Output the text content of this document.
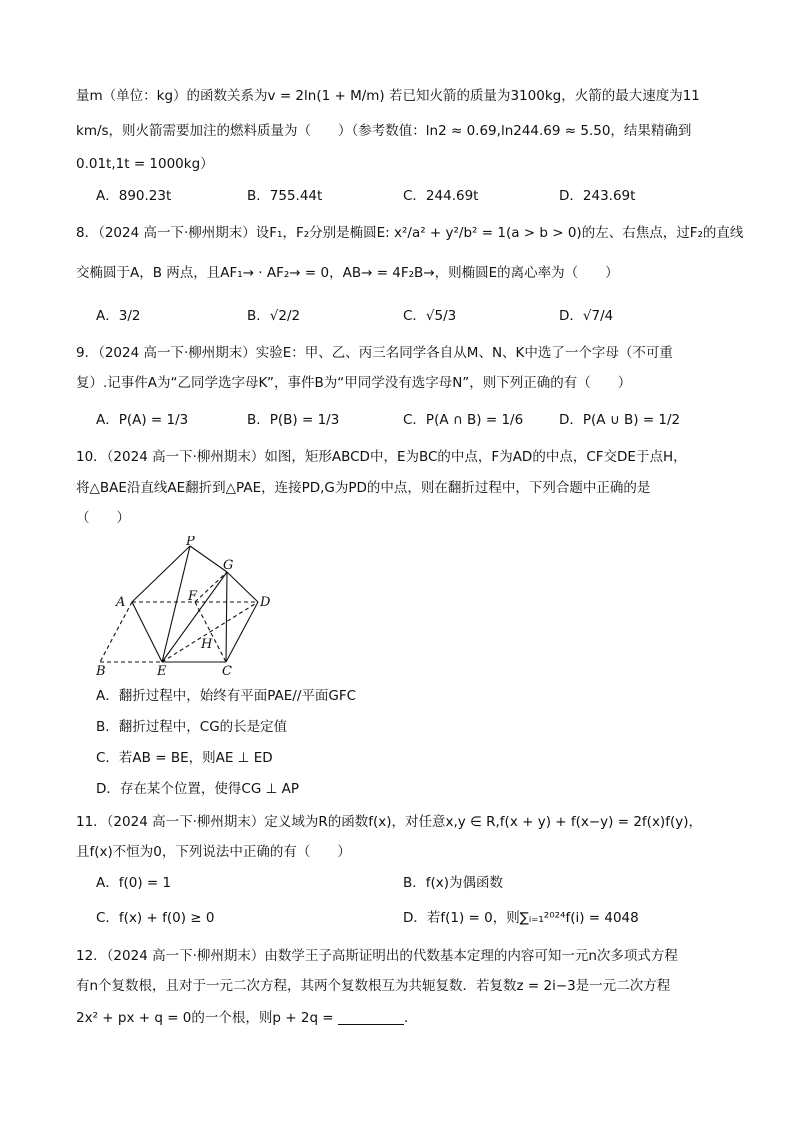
量m（单位：kg）的函数关系为v = 2ln(1 + M/m) 若已知火箭的质量为3100kg，火箭的最大速度为11
km/s，则火箭需要加注的燃料质量为（　　）（参考数值：ln2 ≈ 0.69,ln244.69 ≈ 5.50，结果精确到
0.01t,1t = 1000kg）
A．890.23t	B．755.44t	C．244.69t	D．243.69t
8．（2024 高一下·柳州期末）设F₁，F₂分别是椭圆E: x²/a² + y²/b² = 1(a > b > 0)的左、右焦点，过F₂的直线
交椭圆于A，B 两点，且AF₁→ · AF₂→ = 0，AB→ = 4F₂B→，则椭圆E的离心率为（　　）
A．3/2	B．√2/2	C．√5/3	D．√7/4
9．（2024 高一下·柳州期末）实验E：甲、乙、丙三名同学各自从M、N、K中选了一个字母（不可重
复）.记事件A为“乙同学选字母K”，事件B为“甲同学没有选字母N”，则下列正确的有（　　）
A．P(A) = 1/3	B．P(B) = 1/3	C．P(A ∩ B) = 1/6	D．P(A ∪ B) = 1/2
10．（2024 高一下·柳州期末）如图，矩形ABCD中，E为BC的中点，F为AD的中点，CF交DE于点H，
将△BAE沿直线AE翻折到△PAE，连接PD,G为PD的中点，则在翻折过程中，下列合题中正确的是
（　　）
P
G
A	F	D
H
B	E	C
A．翻折过程中，始终有平面PAE//平面GFC
B．翻折过程中，CG的长是定值
C．若AB = BE，则AE ⊥ ED
D．存在某个位置，使得CG ⊥ AP
11．（2024 高一下·柳州期末）定义域为R的函数f(x)，对任意x,y ∈ R,f(x + y) + f(x−y) = 2f(x)f(y)，
且f(x)不恒为0，下列说法中正确的有（　　）
A．f(0) = 1	B．f(x)为偶函数
C．f(x) + f(0) ≥ 0	D．若f(1) = 0，则∑ᵢ₌₁²⁰²⁴f(i) = 4048
12．（2024 高一下·柳州期末）由数学王子高斯证明出的代数基本定理的内容可知一元n次多项式方程
有n个复数根，且对于一元二次方程，其两个复数根互为共轭复数．若复数z = 2i−3是一元二次方程
2x² + px + q = 0的一个根，则p + 2q =	.
